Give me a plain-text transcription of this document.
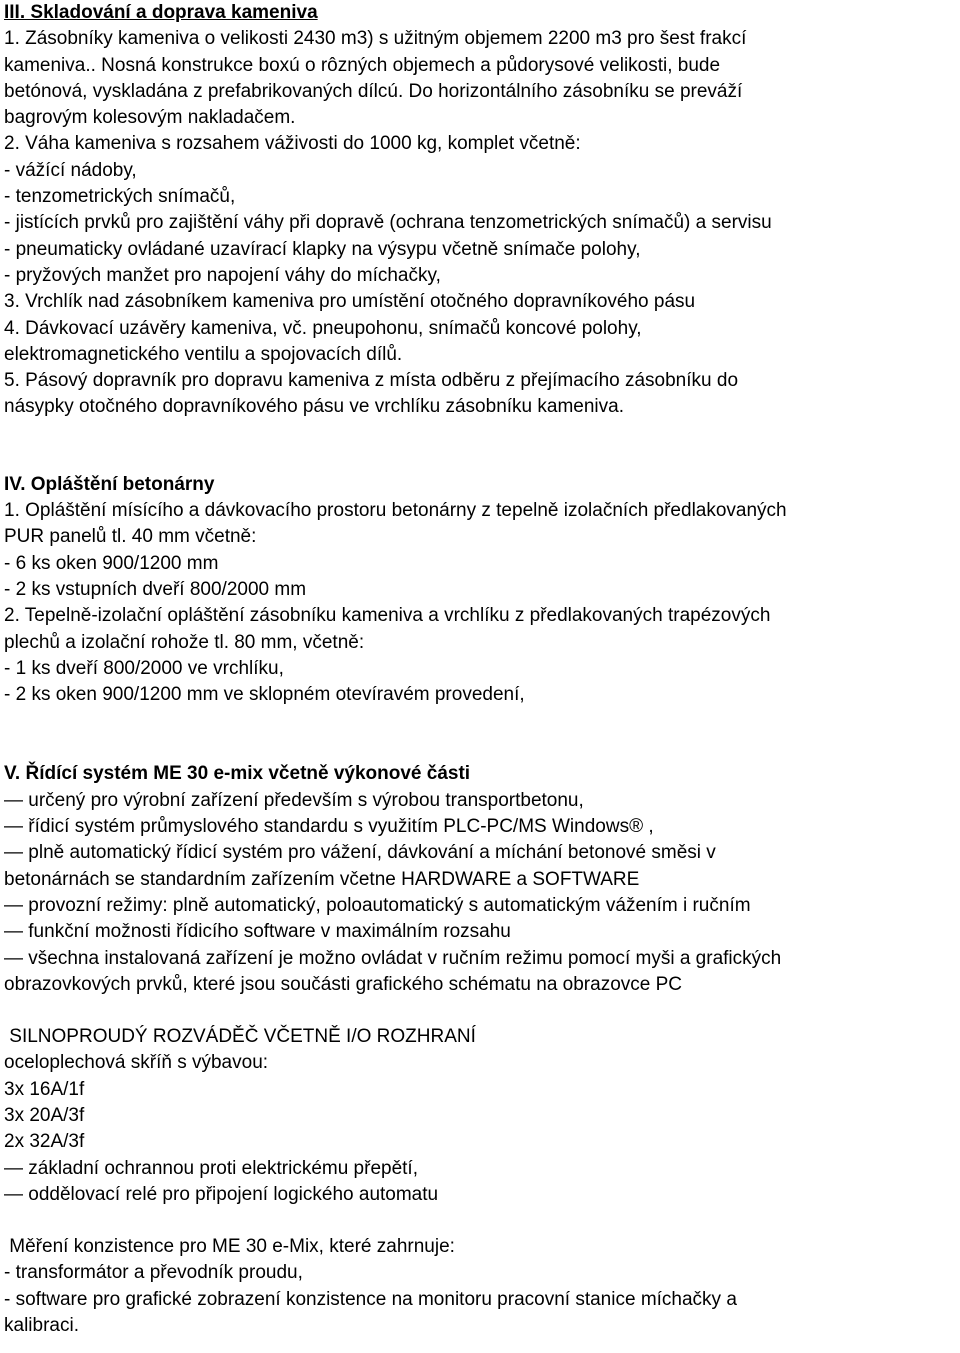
III. Skladování a doprava kameniva
1. Zásobníky kameniva o velikosti 2430 m3) s užitným objemem 2200 m3 pro šest frakcí
kameniva.. Nosná konstrukce boxú o rôzných objemech a půdorysové velikosti, bude
betónová, vyskladána z prefabrikovaných dílcú. Do horizontálního zásobníku se preváží
bagrovým kolesovým nakladačem.
2. Váha kameniva s rozsahem váživosti do 1000 kg, komplet včetně:
- vážící nádoby,
- tenzometrických snímačů,
- jistících prvků pro zajištění váhy při dopravě (ochrana tenzometrických snímačů) a servisu
- pneumaticky ovládané uzavírací klapky na výsypu včetně snímače polohy,
- pryžových manžet pro napojení váhy do míchačky,
3. Vrchlík nad zásobníkem kameniva pro umístění otočného dopravníkového pásu
4. Dávkovací uzávěry kameniva, vč. pneupohonu, snímačů koncové polohy,
elektromagnetického ventilu a spojovacích dílů.
5. Pásový dopravník pro dopravu kameniva z místa odběru z přejímacího zásobníku do
násypky otočného dopravníkového pásu ve vrchlíku zásobníku kameniva.
IV. Opláštění betonárny
1. Opláštění mísícího a dávkovacího prostoru betonárny z tepelně izolačních předlakovaných
PUR panelů tl. 40 mm včetně:
- 6 ks oken 900/1200 mm
- 2 ks vstupních dveří 800/2000 mm
2. Tepelně-izolační opláštění zásobníku kameniva a vrchlíku z předlakovaných trapézových
plechů a izolační rohože tl. 80 mm, včetně:
- 1 ks dveří 800/2000 ve vrchlíku,
- 2 ks oken 900/1200 mm ve sklopném otevíravém provedení,
V. Řídící systém ME 30 e-mix včetně výkonové části
— určený pro výrobní zařízení především s výrobou transportbetonu,
— řídicí systém průmyslového standardu s využitím PLC-PC/MS Windows® ,
— plně automatický řídicí systém pro vážení, dávkování a míchání betonové směsi v
betonárnách se standardním zařízením včetne HARDWARE a SOFTWARE
— provozní režimy: plně automatický, poloautomatický s automatickým vážením i ručním
— funkční možnosti řídicího software v maximálním rozsahu
— všechna instalovaná zařízení je možno ovládat v ručním režimu pomocí myši a grafických
obrazovkových prvků, které jsou součásti grafického schématu na obrazovce PC
SILNOPROUDÝ ROZVÁDĚČ VČETNĚ I/O ROZHRANÍ
oceloplechová skříň s výbavou:
3x 16A/1f
3x 20A/3f
2x 32A/3f
— základní ochrannou proti elektrickému přepětí,
— oddělovací relé pro připojení logického automatu
Měření konzistence pro ME 30 e-Mix, které zahrnuje:
- transformátor a převodník proudu,
- software pro grafické zobrazení konzistence na monitoru pracovní stanice míchačky a
kalibraci.
